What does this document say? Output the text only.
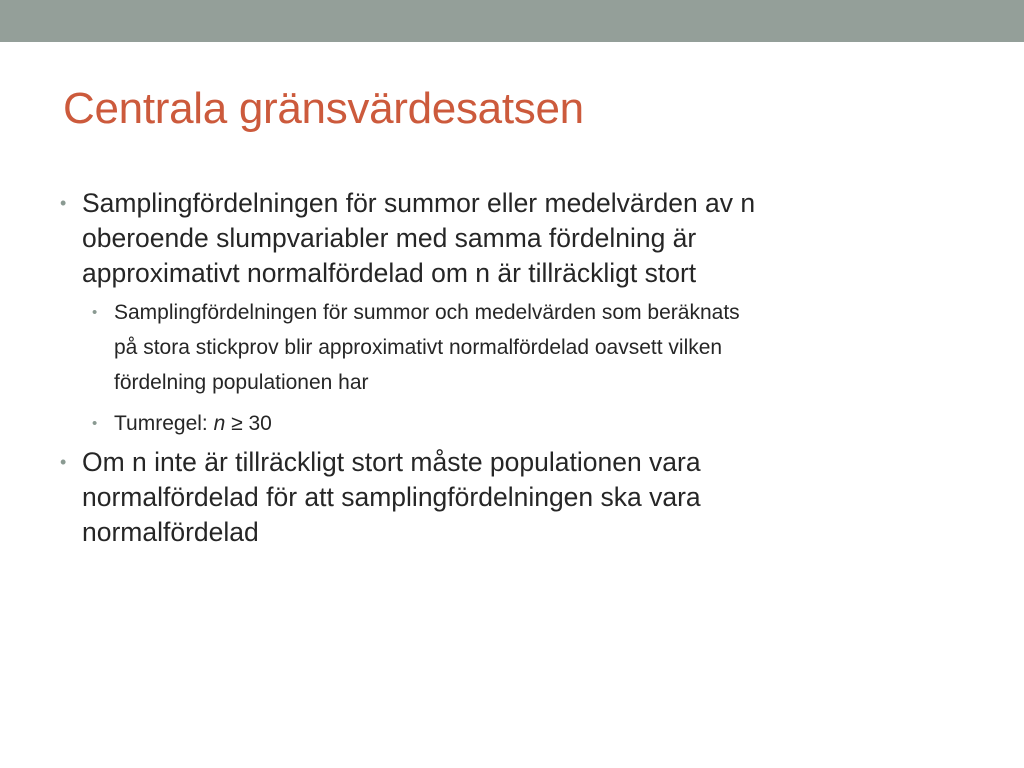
Centrala gränsvärdesatsen
• Samplingfördelningen för summor eller medelvärden av n
oberoende slumpvariabler med samma fördelning är
approximativt normalfördelad om n är tillräckligt stort
• Samplingfördelningen för summor och medelvärden som beräknats
på stora stickprov blir approximativt normalfördelad oavsett vilken
fördelning populationen har
• Tumregel: n ≥ 30
• Om n inte är tillräckligt stort måste populationen vara
normalfördelad för att samplingfördelningen ska vara
normalfördelad
